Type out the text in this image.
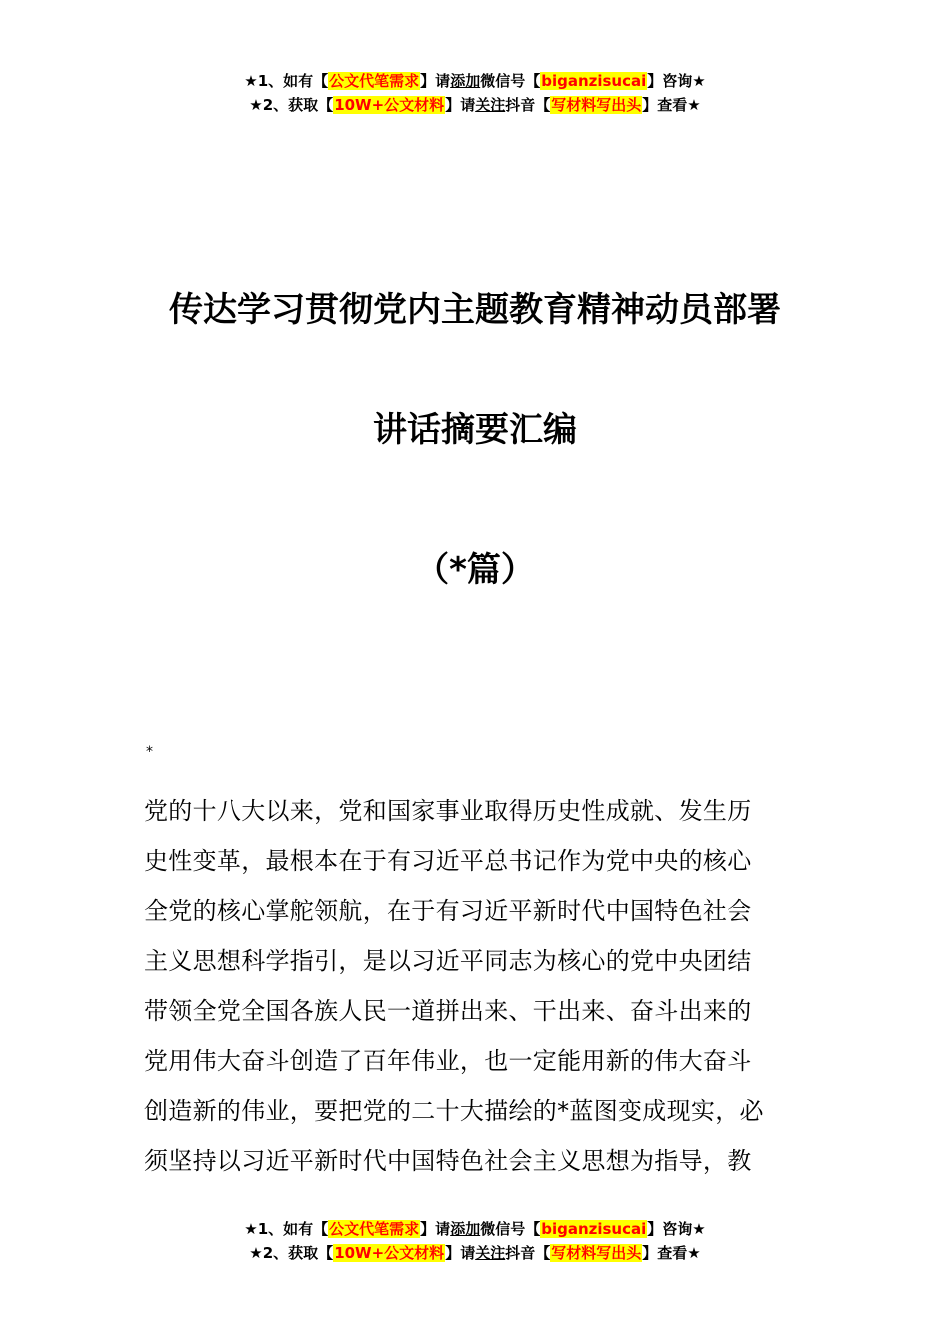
★1、如有【公文代笔需求】请添加微信号【biganzisucai】咨询★
★2、获取【10W+公文材料】请关注抖音【写材料写出头】查看★
传达学习贯彻党内主题教育精神动员部署
讲话摘要汇编
（*篇）
*
党的十八大以来，党和国家事业取得历史性成就、发生历
史性变革，最根本在于有习近平总书记作为党中央的核心
全党的核心掌舵领航，在于有习近平新时代中国特色社会
主义思想科学指引，是以习近平同志为核心的党中央团结
带领全党全国各族人民一道拼出来、干出来、奋斗出来的
党用伟大奋斗创造了百年伟业，也一定能用新的伟大奋斗
创造新的伟业，要把党的二十大描绘的*蓝图变成现实，必
须坚持以习近平新时代中国特色社会主义思想为指导，教
★1、如有【公文代笔需求】请添加微信号【biganzisucai】咨询★
★2、获取【10W+公文材料】请关注抖音【写材料写出头】查看★
